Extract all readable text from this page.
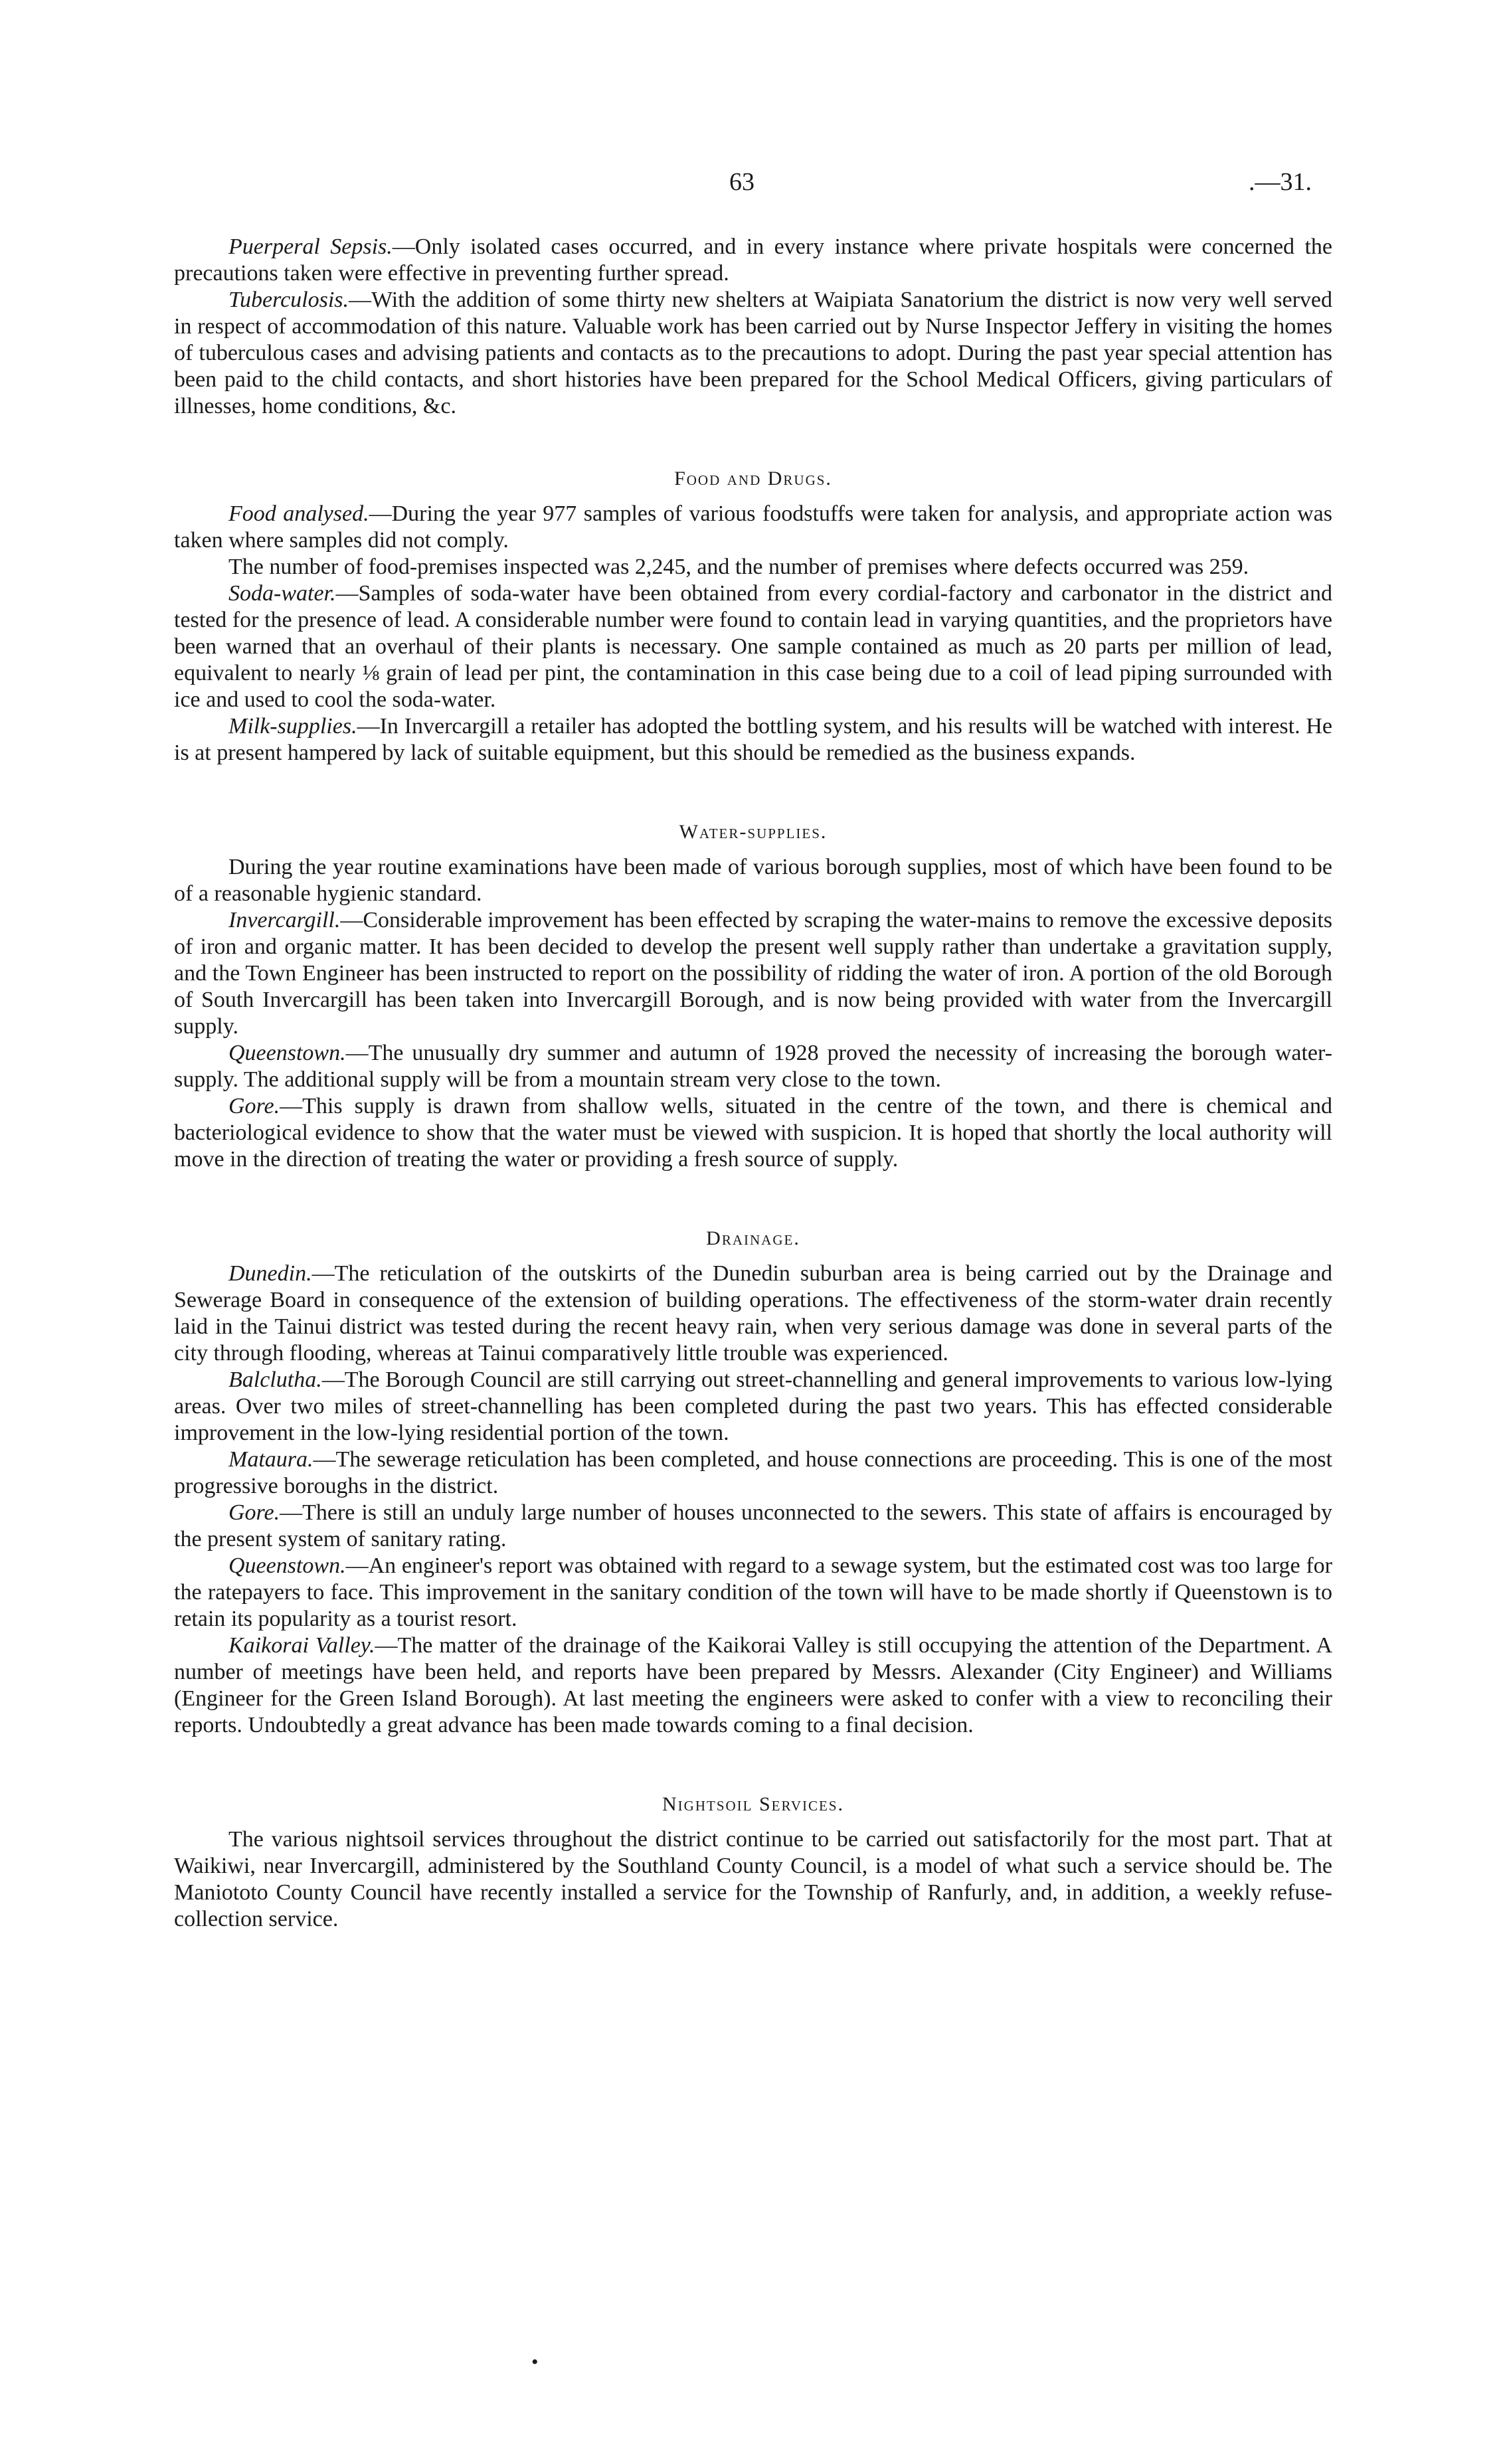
63	.—31.

Puerperal Sepsis.—Only isolated cases occurred, and in every instance where private hospitals were concerned the precautions taken were effective in preventing further spread.

Tuberculosis.—With the addition of some thirty new shelters at Waipiata Sanatorium the district is now very well served in respect of accommodation of this nature. Valuable work has been carried out by Nurse Inspector Jeffery in visiting the homes of tuberculous cases and advising patients and contacts as to the precautions to adopt. During the past year special attention has been paid to the child contacts, and short histories have been prepared for the School Medical Officers, giving particulars of illnesses, home conditions, &c.

Food and Drugs.

Food analysed.—During the year 977 samples of various foodstuffs were taken for analysis, and appropriate action was taken where samples did not comply.

The number of food-premises inspected was 2,245, and the number of premises where defects occurred was 259.

Soda-water.—Samples of soda-water have been obtained from every cordial-factory and carbonator in the district and tested for the presence of lead. A considerable number were found to contain lead in varying quantities, and the proprietors have been warned that an overhaul of their plants is necessary. One sample contained as much as 20 parts per million of lead, equivalent to nearly ⅛ grain of lead per pint, the contamination in this case being due to a coil of lead piping surrounded with ice and used to cool the soda-water.

Milk-supplies.—In Invercargill a retailer has adopted the bottling system, and his results will be watched with interest. He is at present hampered by lack of suitable equipment, but this should be remedied as the business expands.

Water-supplies.

During the year routine examinations have been made of various borough supplies, most of which have been found to be of a reasonable hygienic standard.

Invercargill.—Considerable improvement has been effected by scraping the water-mains to remove the excessive deposits of iron and organic matter. It has been decided to develop the present well supply rather than undertake a gravitation supply, and the Town Engineer has been instructed to report on the possibility of ridding the water of iron. A portion of the old Borough of South Invercargill has been taken into Invercargill Borough, and is now being provided with water from the Invercargill supply.

Queenstown.—The unusually dry summer and autumn of 1928 proved the necessity of increasing the borough water-supply. The additional supply will be from a mountain stream very close to the town.

Gore.—This supply is drawn from shallow wells, situated in the centre of the town, and there is chemical and bacteriological evidence to show that the water must be viewed with suspicion. It is hoped that shortly the local authority will move in the direction of treating the water or providing a fresh source of supply.

Drainage.

Dunedin.—The reticulation of the outskirts of the Dunedin suburban area is being carried out by the Drainage and Sewerage Board in consequence of the extension of building operations. The effectiveness of the storm-water drain recently laid in the Tainui district was tested during the recent heavy rain, when very serious damage was done in several parts of the city through flooding, whereas at Tainui comparatively little trouble was experienced.

Balclutha.—The Borough Council are still carrying out street-channelling and general improvements to various low-lying areas. Over two miles of street-channelling has been completed during the past two years. This has effected considerable improvement in the low-lying residential portion of the town.

Mataura.—The sewerage reticulation has been completed, and house connections are proceeding. This is one of the most progressive boroughs in the district.

Gore.—There is still an unduly large number of houses unconnected to the sewers. This state of affairs is encouraged by the present system of sanitary rating.

Queenstown.—An engineer's report was obtained with regard to a sewage system, but the estimated cost was too large for the ratepayers to face. This improvement in the sanitary condition of the town will have to be made shortly if Queenstown is to retain its popularity as a tourist resort.

Kaikorai Valley.—The matter of the drainage of the Kaikorai Valley is still occupying the attention of the Department. A number of meetings have been held, and reports have been prepared by Messrs. Alexander (City Engineer) and Williams (Engineer for the Green Island Borough). At last meeting the engineers were asked to confer with a view to reconciling their reports. Undoubtedly a great advance has been made towards coming to a final decision.

Nightsoil Services.

The various nightsoil services throughout the district continue to be carried out satisfactorily for the most part. That at Waikiwi, near Invercargill, administered by the Southland County Council, is a model of what such a service should be. The Maniototo County Council have recently installed a service for the Township of Ranfurly, and, in addition, a weekly refuse-collection service.

•
